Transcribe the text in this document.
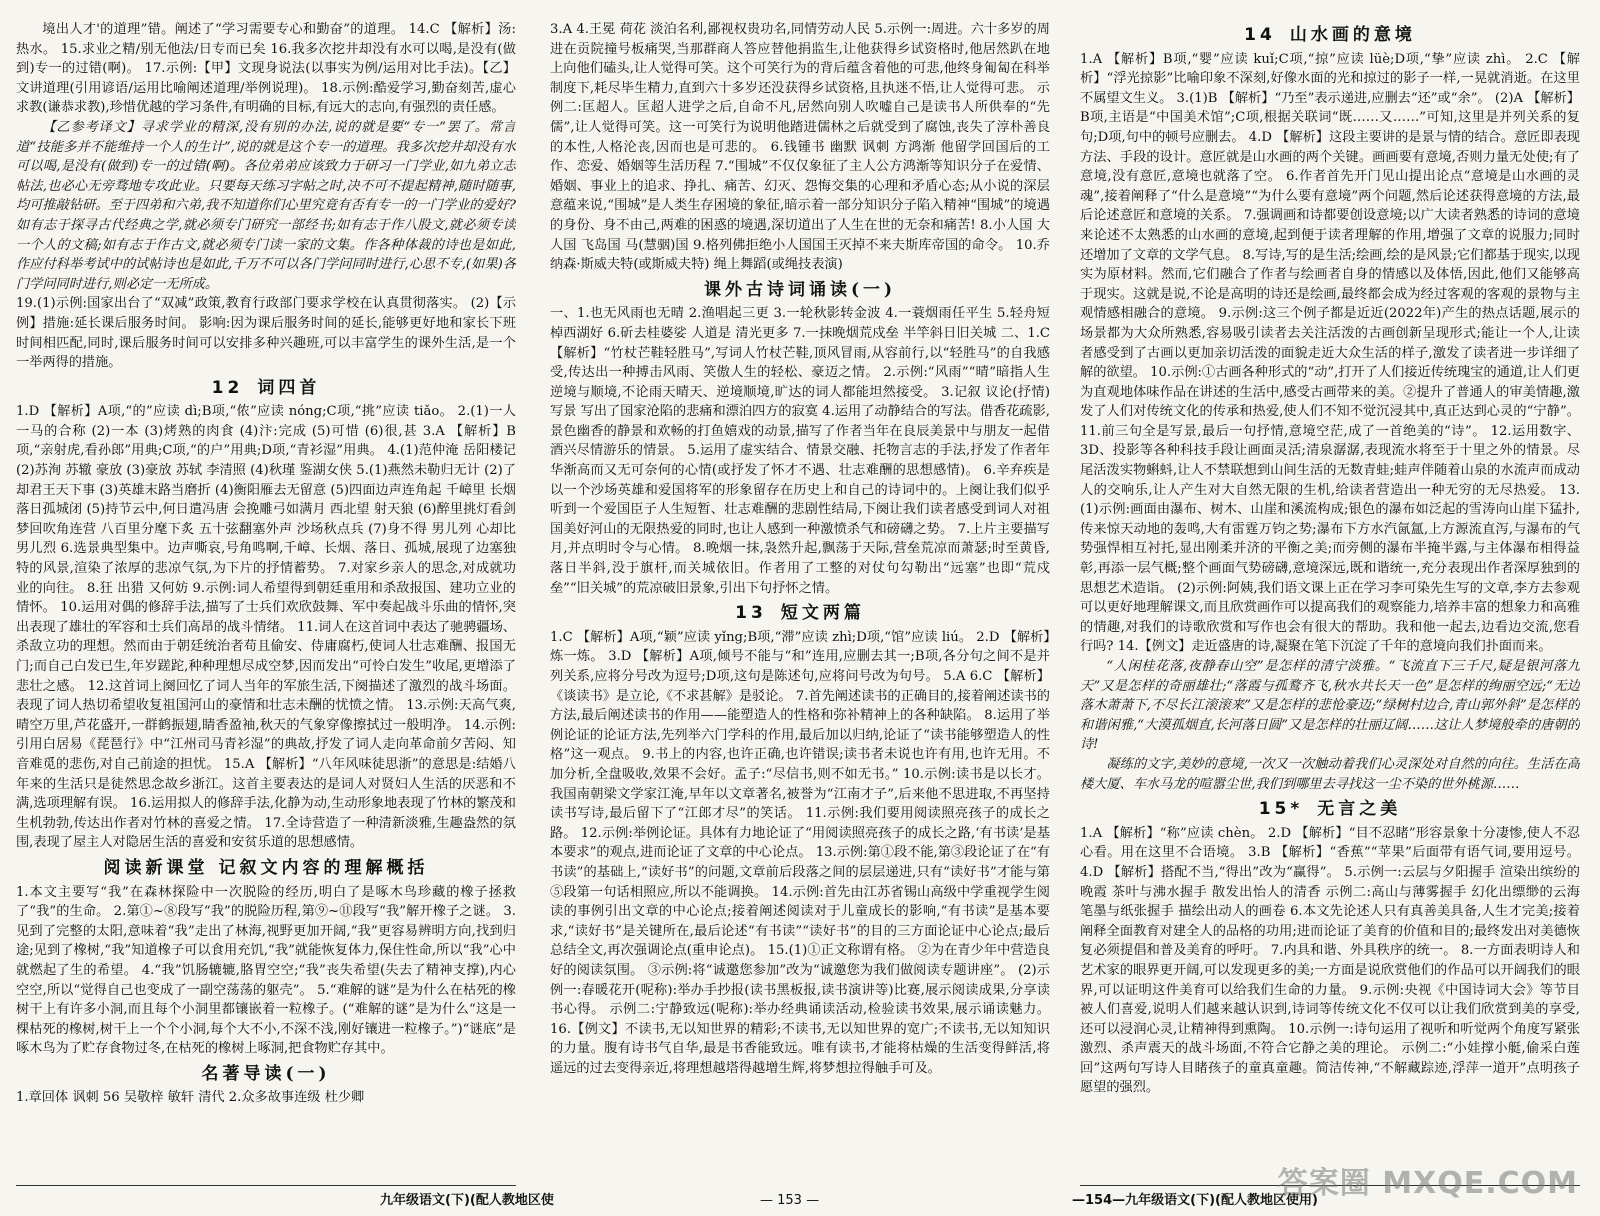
境出人才'的道理”错。阐述了“学习需要专心和勤奋”的道理。 14.C 【解析】汤:热水。 15.求业之精/别无他法/日专而已矣 16.我多次挖井却没有水可以喝,是没有(做到)专一的过错(啊)。 17.示例:【甲】文现身说法(以事实为例/运用对比手法)。【乙】文讲道理(引用谚语/运用比喻阐述道理/举例说理)。 18.示例:酷爱学习,勤奋刻苦,虚心求教(谦恭求教),珍惜优越的学习条件,有明确的目标,有远大的志向,有强烈的责任感。

【乙参考译文】寻求学业的精深,没有别的办法,说的就是要“专一”罢了。常言道“技能多并不能维持一个人的生计”,说的就是这个专一的道理。我多次挖井却没有水可以喝,是没有(做到)专一的过错(啊)。各位弟弟应该致力于研习一门学业,如九弟立志帖法,也必心无旁骛地专攻此业。只要每天练习字帖之时,决不可不提起精神,随时随事,均可推敲钻研。至于四弟和六弟,我不知道你们心里究竟有否有专一的一门学业的爱好?如有志于探寻古代经典之学,就必须专门研究一部经书;如有志于作八股文,就必须专读一个人的文稿;如有志于作古文,就必须专门读一家的文集。作各种体裁的诗也是如此,作应付科举考试中的试帖诗也是如此,千万不可以各门学问同时进行,心思不专,(如果)各门学问同时进行,则必定一无所成。

19.(1)示例:国家出台了“双减”政策,教育行政部门要求学校在认真贯彻落实。 (2)【示例】措施:延长课后服务时间。 影响:因为课后服务时间的延长,能够更好地和家长下班时间相匹配,同时,课后服务时间可以安排多种兴趣班,可以丰富学生的课外生活,是一个一举两得的措施。

12 词四首

1.D 【解析】A项,“的”应读 dì;B项,“侬”应读 nóng;C项,“挑”应读 tiǎo。 2.(1)一人一马的合称 (2)一本 (3)烤熟的肉食 (4)汴:完成 (5)可惜 (6)很,甚 3.A 【解析】B项,“亲射虎,看孙郎”用典;C项,“的户”用典;D项,“青衫湿”用典。 4.(1)范仲淹 岳阳楼记 (2)苏洵 苏辙 豪放 (3)豪放 苏轼 李清照 (4)秋瑾 鉴湖女侠 5.(1)燕然未勒归无计 (2)了却君王天下事 (3)英雄末路当磨折 (4)衡阳雁去无留意 (5)四面边声连角起 千嶂里 长烟落日孤城闭 (5)持节云中,何日遣冯唐 会挽雕弓如满月 西北望 射天狼 (6)醉里挑灯看剑 梦回吹角连营 八百里分麾下炙 五十弦翻塞外声 沙场秋点兵 (7)身不得 男儿列 心却比 男儿烈 6.选景典型集中。边声嘶哀,号角鸣啊,千嶂、长烟、落日、孤城,展现了边塞独特的风景,渲染了浓厚的悲凉气氛,为下片的抒情蓄势。 7.对家乡亲人的思念,对成就功业的向往。 8.狂 出猎 又何妨 9.示例:词人希望得到朝廷重用和杀敌报国、建功立业的情怀。 10.运用对偶的修辞手法,描写了士兵们欢欣鼓舞、军中奏起战斗乐曲的情怀,突出表现了雄壮的军容和士兵们高昂的战斗情绪。 11.词人在这首词中表达了驰骋疆场、杀敌立功的理想。然而由于朝廷统治者苟且偷安、侍庸腐朽,使词人壮志难酬、报国无门;而自己白发已生,年岁蹉跎,种种理想尽成空梦,因而发出“可怜白发生”收尾,更增添了悲壮之感。 12.这首词上阕回忆了词人当年的军旅生活,下阕描述了激烈的战斗场面。表现了词人热切希望收复祖国河山的豪情和壮志未酬的忧愤之情。 13.示例:天高气爽,晴空万里,芦花盛开,一群鹤振翅,睛香盈袖,秋天的气象穿像擦拭过一般明净。 14.示例:引用白居易《琵琶行》中“江州司马青衫湿”的典故,抒发了词人走向革命前夕苦闷、知音难觅的悲伤,对自己前途的担忧。 15.A 【解析】“八年风味徒思浙”的意思是:结婚八年来的生活只是徒然思念故乡浙江。这首主要表达的是词人对贤妇人生活的厌恶和不满,选项理解有误。 16.运用拟人的修辞手法,化静为动,生动形象地表现了竹林的繁茂和生机勃勃,传达出作者对竹林的喜爱之情。 17.全诗营造了一种清新淡雅,生趣盎然的氛围,表现了屋主人对隐居生活的喜爱和安贫乐道的思想感情。

阅读新课堂 记叙文内容的理解概括

1.本文主要写“我”在森林探险中一次脱险的经历,明白了是啄木鸟珍藏的橡子拯救了“我”的生命。 2.第①~⑧段写“我”的脱险历程,第⑨~⑪段写“我”解开橡子之谜。 3.见到了完整的太阳,意味着“我”走出了林海,视野更加开阔,“我”更容易辨明方向,找到归途;见到了橡树,“我”知道橡子可以食用充饥,“我”就能恢复体力,保住性命,所以“我”心中就燃起了生的希望。 4.“我”饥肠辘辘,胳胃空空;“我”丧失希望(失去了精神支撑),内心空空,所以“觉得自己也变成了一副空荡荡的躯壳”。 5.“难解的谜”是为什么在枯死的橡树干上有许多小洞,而且每个小洞里都镶嵌着一粒橡子。(“难解的谜”是为什么“这是一棵枯死的橡树,树干上一个个小洞,每个大不小,不深不浅,刚好镶进一粒橡子。”)“谜底”是啄木鸟为了贮存食物过冬,在枯死的橡树上啄洞,把食物贮存其中。

名著导读(一)

1.章回体 讽刺 56 吴敬梓 敏轩 清代 2.众多故事连级 杜少卿

3.A 4.王冕 荷花 淡泊名利,鄙视权贵功名,同情劳动人民 5.示例一:周进。六十多岁的周进在贡院撞号板痛哭,当那群商人答应替他捐监生,让他获得乡试资格时,他居然趴在地上向他们磕头,让人觉得可笑。这个可笑行为的背后蕴含着他的可悲,他终身匍匐在科举制度下,耗尽毕生精力,直到六十多岁还没获得乡试资格,且执迷不悟,让人觉得可悲。 示例二:匡超人。匡超人进学之后,自命不凡,居然向别人吹嘘自己是读书人所供奉的“先儒”,让人觉得可笑。这一可笑行为说明他踏进儒林之后就受到了腐蚀,丧失了淳朴善良的本性,人格沦丧,因而也是可悲的。 6.钱锺书 幽默 讽刺 方鸿渐 他留学回国后的工作、恋爱、婚姻等生活历程 7.“围城”不仅仅象征了主人公方鸿渐等知识分子在爱情、婚姻、事业上的追求、挣扎、痛苦、幻灭、怨悔交集的心理和矛盾心态;从小说的深层意蕴来说,“围城”是人类生存困境的象征,暗示着一部分知识分子陷入精神“围城”的境遇的身份、身不由己,两难的困惑的境遇,深切道出了人生在世的无奈和痛苦! 8.小人国 大人国 飞岛国 马(慧骃)国 9.格列佛拒绝小人国国王灭掉不来夫斯库帝国的命令。 10.乔纳森·斯威夫特(或斯威夫特) 绳上舞蹈(或绳技表演)

课外古诗词诵读(一)

一、1.也无风雨也无晴 2.渔唱起三更 3.一轮秋影转金波 4.一蓑烟雨任平生 5.轻舟短棹西湖好 6.斫去桂婆娑 人道是 清光更多 7.一抹晚烟荒戍垒 半竿斜日旧关城 二、1.C 【解析】“竹杖芒鞋轻胜马”,写词人竹杖芒鞋,顶风冒雨,从容前行,以“轻胜马”的自我感受,传达出一种搏击风雨、笑傲人生的轻松、豪迈之情。 2.示例:“风雨”“晴”暗指人生逆境与顺境,不论雨天晴天、逆境顺境,旷达的词人都能坦然接受。 3.记叙 议论(抒情) 写景 写出了国家沧陷的悲痛和漂泊四方的寂寞 4.运用了动静结合的写法。借香花疏影,景色幽香的静景和欢畅的打鱼嬉戏的动景,描写了作者当年在良辰美景中与朋友一起借酒兴尽情游乐的情景。 5.运用了虚实结合、情景交融、托物言志的手法,抒发了作者年华渐高而又无可奈何的心情(或抒发了怀才不遇、壮志难酬的思想感情)。 6.辛弃疾是以一个沙场英雄和爱国将军的形象留存在历史上和自己的诗词中的。上阕让我们似乎听到一个爱国臣子人生短暂、壮志难酬的悲剧性结局,下阕让我们读者感受到词人对祖国美好河山的无限热爱的同时,也让人感到一种激愤杀气和磅礴之势。 7.上片主要描写月,并点明时令与心情。 8.晚烟一抹,袅然升起,飘荡于天际,营垒荒凉而萧瑟;时至黄昏,落日半斜,没于旗杆,而关城依旧。作者用了工整的对仗句勾勒出“远塞”也即“荒戍垒”“旧关城”的荒凉破旧景象,引出下句抒怀之情。

13 短文两篇

1.C 【解析】A项,“颖”应读 yǐng;B项,“滞”应读 zhì;D项,“馆”应读 liú。 2.D 【解析】炼一炼。 3.D 【解析】A项,倾号不能与“和”连用,应删去其一;B项,各分句之间不是并列关系,应将分号改为逗号;D项,这句是陈述句,应将问号改为句号。 5.A 6.C 【解析】《谈读书》是立论,《不求甚解》是驳论。 7.首先阐述读书的正确目的,接着阐述读书的方法,最后阐述读书的作用——能塑造人的性格和弥补精神上的各种缺陷。 8.运用了举例论证的论证方法,先列举六门学科的作用,最后加以归纳,论证了“读书能够塑造人的性格”这一观点。 9.书上的内容,也许正确,也许错误;读书者未说也许有用,也许无用。不加分析,全盘吸收,效果不会好。孟子:“尽信书,则不如无书。” 10.示例:读书是以长才。 我国南朝梁文学家江淹,早年以文章著名,被誉为“江南才子”,后来他不思进取,不再坚持读书写诗,最后留下了“江郎才尽”的笑话。 11.示例:我们要用阅读照亮孩子的成长之路。 12.示例:举例论证。具体有力地论证了“用阅读照亮孩子的成长之路,‘有书读’是基本要求”的观点,进而论证了文章的中心论点。 13.示例:第①段不能,第③段论证了在“有书读”的基础上,“读好书”的问题,文章前后段落之间的层层递进,只有“读好书”才能与第⑤段第一句话相照应,所以不能调换。 14.示例:首先由江苏省锡山高级中学重视学生阅读的事例引出文章的中心论点;接着阐述阅读对于儿童成长的影响,“有书读”是基本要求,“读好书”是关键所在,最后论述“有书读”“读好书”的目的三方面论证中心论点;最后总结全文,再次强调论点(重申论点)。 15.(1)①正文称谓有格。 ②为在青少年中营造良好的阅读氛围。 ③示例:将“诚邀您参加”改为“诚邀您为我们做阅读专题讲座”。 (2)示例一:春暖花开(呢称):举办手抄报(读书黑板报,读书演讲等)比赛,展示阅读成果,分享读书心得。 示例二:宁静致远(呢称):举办经典诵读活动,检验读书效果,展示诵读魅力。 16.【例文】不读书,无以知世界的精彩;不读书,无以知世界的宽广;不读书,无以知知识的力量。腹有诗书气自华,最是书香能致远。唯有读书,才能将枯燥的生活变得鲜活,将遥远的过去变得亲近,将理想越塔得越增生辉,将梦想拉得触手可及。

14 山水画的意境

1.A 【解析】B项,“婴”应读 kuǐ;C项,“掠”应读 lüè;D项,“挚”应读 zhì。 2.C 【解析】“浮光掠影”比喻印象不深刻,好像水面的光和掠过的影子一样,一晃就消逝。在这里不属望文生义。 3.(1)B 【解析】“乃至”表示递进,应删去“还”或“余”。 (2)A 【解析】B项,主语是“中国美术馆”;C项,根据关联词“既……又……”可知,这里是并列关系的复句;D项,句中的顿号应删去。 4.D 【解析】这段主要讲的是景与情的结合。意匠即表现方法、手段的设计。意匠就是山水画的两个关键。画画要有意境,否则力量无处使;有了意境,没有意匠,意境也就落了空。 6.作者首先开门见山提出论点“意境是山水画的灵魂”,接着阐释了“什么是意境”“为什么要有意境”两个问题,然后论述获得意境的方法,最后论述意匠和意境的关系。 7.强调画和诗都要创设意境;以广大读者熟悉的诗词的意境来论述不太熟悉的山水画的意境,起到便于读者理解的作用,增强了文章的说服力;同时还增加了文章的文学气息。 8.写诗,写的是生活;绘画,绘的是风景;它们都基于现实,以现实为原材料。然而,它们融合了作者与绘画者自身的情感以及体悟,因此,他们又能够高于现实。这就是说,不论是高明的诗还是绘画,最终都会成为经过客观的客观的景物与主观情感相融合的意境。 9.示例:这三个例子都是近近(2022年)产生的热点话题,展示的场景都为大众所熟悉,容易吸引读者去关注活泼的古画创新呈现形式;能让一个人,让读者感受到了古画以更加亲切活泼的面貌走近大众生活的样子,激发了读者进一步详细了解的欲望。 10.示例:①古画各种形式的“动”,打开了人们接近传统瑰宝的通道,让人们更为直观地体味作品在讲述的生活中,感受古画带来的美。②提升了普通人的审美情趣,激发了人们对传统文化的传承和热爱,使人们不知不觉沉浸其中,真正达到心灵的“宁静”。 11.前三句全是写景,最后一句抒情,意境空茫,成了一首绝美的“诗”。 12.运用数字、3D、投影等各种科技手段让画面灵活;清泉潺潺,表现流水将至于十里之外的情景。尽尾活泼实物蝌蚪,让人不禁联想到山间生活的无数青蛙;蛙声伴随着山泉的水流声而成动人的交响乐,让人产生对大自然无限的生机,给读者营造出一种无穷的无尽热爱。 13.(1)示例:画面由瀑布、树木、山崖和溪流构成;银色的瀑布如泛起的雪涛向山崖下猛扑,传来惊天动地的轰鸣,大有雷霆万钧之势;瀑布下方水汽氤氲,上方源流直泻,与瀑布的气势强悍相互衬托,显出刚柔并济的平衡之美;而旁侧的瀑布半掩半露,与主体瀑布相得益彰,再添一层气概;整个画面气势磅礴,意境深远,既和谐统一,充分表现出作者深厚独到的思想艺术造诣。 (2)示例:阿姨,我们语文课上正在学习李可染先生写的文章,李方去参观可以更好地理解课文,而且欣赏画作可以提高我们的观察能力,培养丰富的想象力和高雅的情趣,对我们的诗歌欣赏和写作也会有很大的帮助。我和他一起去,边看边交流,您看行吗? 14.【例文】走近盛唐的诗,凝聚在笔下沉淀了千年的意境向我们扑面而来。

“人闲桂花落,夜静春山空”是怎样的清宁淡雅。“飞流直下三千尺,疑是银河落九天”又是怎样的奇丽雄壮;“落霞与孤鹜齐飞,秋水共长天一色”是怎样的绚丽空远;“无边落木萧萧下,不尽长江滚滚来”又是怎样的悲怆豪迈;“绿树村边合,青山郭外斜”是怎样的和谐闲雅,“大漠孤烟直,长河落日圆”又是怎样的壮丽辽阔……这让人梦境般牵的唐朝的诗!

凝练的文字,美妙的意境,一次又一次触动着我们心灵深处对自然的向往。生活在高楼大厦、车水马龙的喧嚣尘世,我们到哪里去寻找这一尘不染的世外桃源……

15* 无言之美

1.A 【解析】“称”应读 chèn。 2.D 【解析】“目不忍睹”形容景象十分凄惨,使人不忍心看。用在这里不合语境。 3.B 【解析】“香蕉”“苹果”后面带有语气词,要用逗号。 4.D 【解析】搭配不当,“得出”改为“赢得”。 5.示例一:云层与夕阳握手 渲染出缤纷的晚霞 茶叶与沸水握手 散发出怡人的清香 示例二:高山与薄雾握手 幻化出缥缈的云海 笔墨与纸张握手 描绘出动人的画卷 6.本文先论述人只有真善美具备,人生才完美;接着阐释全面教育对建全人的品格的功用;进而论证了美育的价值和目的;最终发出对美德恢复必须提倡和普及美育的呼吁。 7.内具和谐、外具秩序的统一。 8.一方面表明诗人和艺术家的眼界更开阔,可以发现更多的美;一方面是说欣赏他们的作品可以开阔我们的眼界,可以证明这件美育可以给我们生命的力量。 9.示例:央视《中国诗词大会》等节目被人们喜爱,说明人们越来越认识到,诗词等传统文化不仅可以让我们欣赏到美的享受,还可以浸润心灵,让精神得到熏陶。 10.示例一:诗句运用了视听和听觉两个角度写紧张激烈、杀声震天的战斗场面,不符合它静之美的理论。 示例二:“小娃撑小艇,偷采白莲回”这两句写诗人目睹孩子的童真童趣。简洁传神,“不解藏踪迹,浮萍一道开”点明孩子愿望的强烈。

九年级语文(下)(配人教地区使	— 153 —	—154—九年级语文(下)(配人教地区使用)
答案圈 MXQE.COM
